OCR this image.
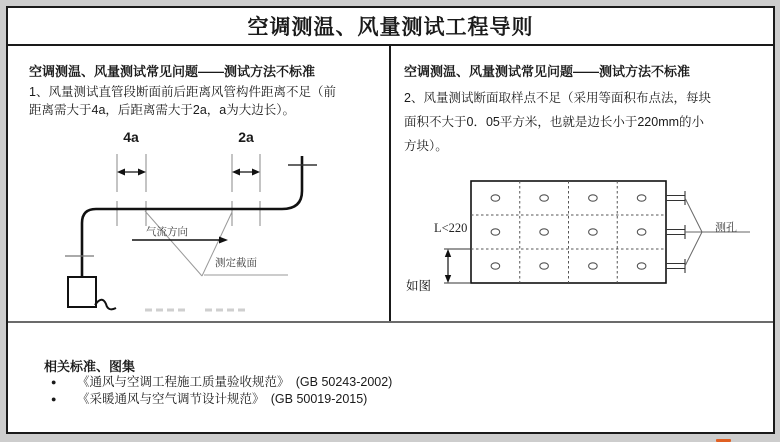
空调测温、风量测试工程导则
空调测温、风量测试常见问题——测试方法不标准

1、风量测试直管段断面前后距离风管构件距离不足（前

距离需大于4a，后距离需大于2a，a为大边长）。

4a	2a
气流方向
测定截面
空调测温、风量测试常见问题——测试方法不标准

2、风量测试断面取样点不足（采用等面积布点法，每块

面积不大于0．05平方米，也就是边长小于220mm的小

方块）。

L<220
如图
测孔
相关标准、图集
●	《通风与空调工程施工质量验收规范》　(GB 50243-2002)
●	《采暖通风与空气调节设计规范》　(GB 50019-2015)
